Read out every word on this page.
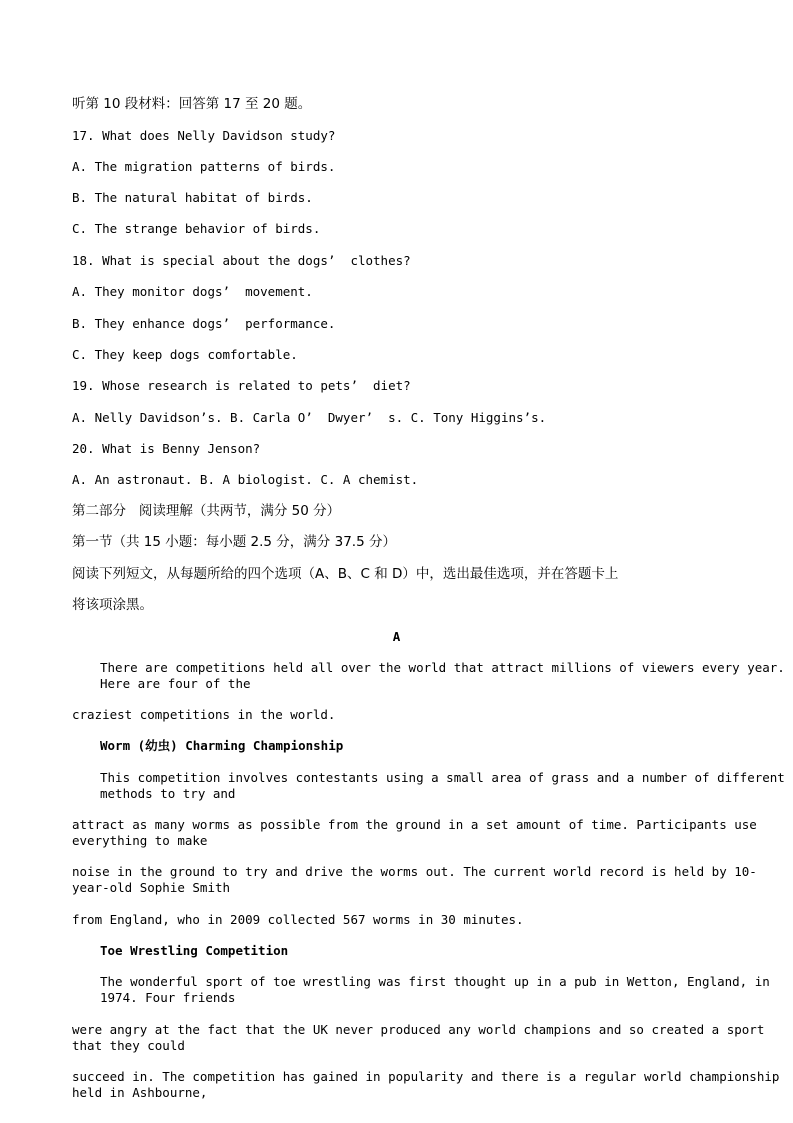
听第 10 段材料：回答第 17 至 20 题。
17. What does Nelly Davidson study?
A. The migration patterns of birds.
B. The natural habitat of birds.
C. The strange behavior of birds.
18. What is special about the dogs’  clothes?
A. They monitor dogs’  movement.
B. They enhance dogs’  performance.
C. They keep dogs comfortable.
19. Whose research is related to pets’  diet?
A. Nelly Davidson’s. B. Carla O’  Dwyer’  s. C. Tony Higgins’s.
20. What is Benny Jenson?
A. An astronaut. B. A biologist. C. A chemist.
第二部分   阅读理解（共两节，满分 50 分）
第一节（共 15 小题：每小题 2.5 分，满分 37.5 分）
阅读下列短文，从每题所给的四个选项（A、B、C 和 D）中，选出最佳选项，并在答题卡上
将该项涂黑。
A
There are competitions held all over the world that attract millions of viewers every year. Here are four of the
craziest competitions in the world.
Worm (幼虫) Charming Championship
This competition involves contestants using a small area of grass and a number of different methods to try and
attract as many worms as possible from the ground in a set amount of time. Participants use everything to make
noise in the ground to try and drive the worms out. The current world record is held by 10-year-old Sophie Smith
from England, who in 2009 collected 567 worms in 30 minutes.
Toe Wrestling Competition
The wonderful sport of toe wrestling was first thought up in a pub in Wetton, England, in 1974. Four friends
were angry at the fact that the UK never produced any world champions and so created a sport that they could
succeed in. The competition has gained in popularity and there is a regular world championship held in Ashbourne,
